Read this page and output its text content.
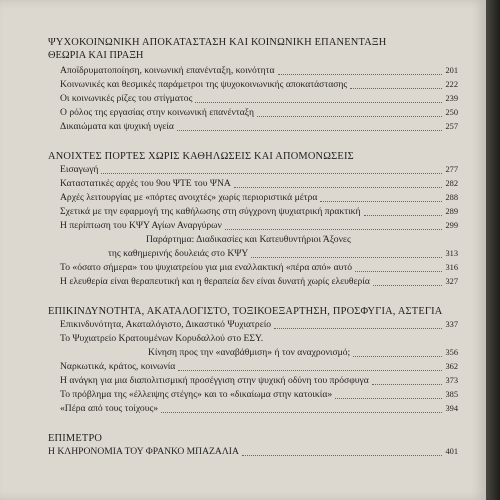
ΨΥΧΟΚΟΙΝΩΝΙΚΗ ΑΠΟΚΑΤΑΣΤΑΣΗ ΚΑΙ ΚΟΙΝΩΝΙΚΗ ΕΠΑΝΕΝΤΑΞΗ
ΘΕΩΡΙΑ ΚΑΙ ΠΡΑΞΗ
Αποϊδρυματοποίηση, κοινωνική επανένταξη, κοινότητα	201
Κοινωνικές και θεσμικές παράμετροι της ψυχοκοινωνικής αποκατάστασης	222
Οι κοινωνικές ρίζες του στίγματος	239
Ο ρόλος της εργασίας στην κοινωνική επανένταξη	250
Δικαιώματα και ψυχική υγεία	257
ΑΝΟΙΧΤΕΣ ΠΟΡΤΕΣ ΧΩΡΙΣ ΚΑΘΗΛΩΣΕΙΣ ΚΑΙ ΑΠΟΜΟΝΩΣΕΙΣ
Εισαγωγή	277
Καταστατικές αρχές του 9ου ΨΤΕ του ΨΝΑ	282
Αρχές λειτουργίας με «πόρτες ανοιχτές» χωρίς περιοριστικά μέτρα	288
Σχετικά με την εφαρμογή της καθήλωσης στη σύγχρονη ψυχιατρική πρακτική	289
Η περίπτωση του ΚΨΥ Αγίων Αναργύρων	299
Παράρτημα: Διαδικασίες και Κατευθυντήριοι Άξονες
της καθημερινής δουλειάς στο ΚΨΥ	313
Το «όσατο σήμερα» του ψυχιατρείου για μια εναλλακτική «πέρα από» αυτό	316
Η ελευθερία είναι θεραπευτική και η θεραπεία δεν είναι δυνατή χωρίς ελευθερία	327
ΕΠΙΚΙΝΔΥΝΟΤΗΤΑ, ΑΚΑΤΑΛΟΓΙΣΤΟ, ΤΟΞΙΚΟΕΞΑΡΤΗΣΗ, ΠΡΟΣΦΥΓΙΑ, ΑΣΤΕΓΙΑ
Επικινδυνότητα, Ακαταλόγιστο, Δικαστικό Ψυχιατρείο	337
Το Ψυχιατρείο Κρατουμένων Κορυδαλλού στο ΕΣΥ.
Κίνηση προς την «αναβάθμιση» ή τον αναχρονισμό;	356
Ναρκωτικά, κράτος, κοινωνία	362
Η ανάγκη για μια διαπολιτισμική προσέγγιση στην ψυχική οδύνη του πρόσφυγα	373
Το πρόβλημα της «έλλειψης στέγης» και το «δικαίωμα στην κατοικία»	385
«Πέρα από τους τοίχους»	394
ΕΠΙΜΕΤΡΟ
Η ΚΛΗΡΟΝΟΜΙΑ ΤΟΥ ΦΡΑΝΚΟ ΜΠΑΖΑΛΙΑ	401
